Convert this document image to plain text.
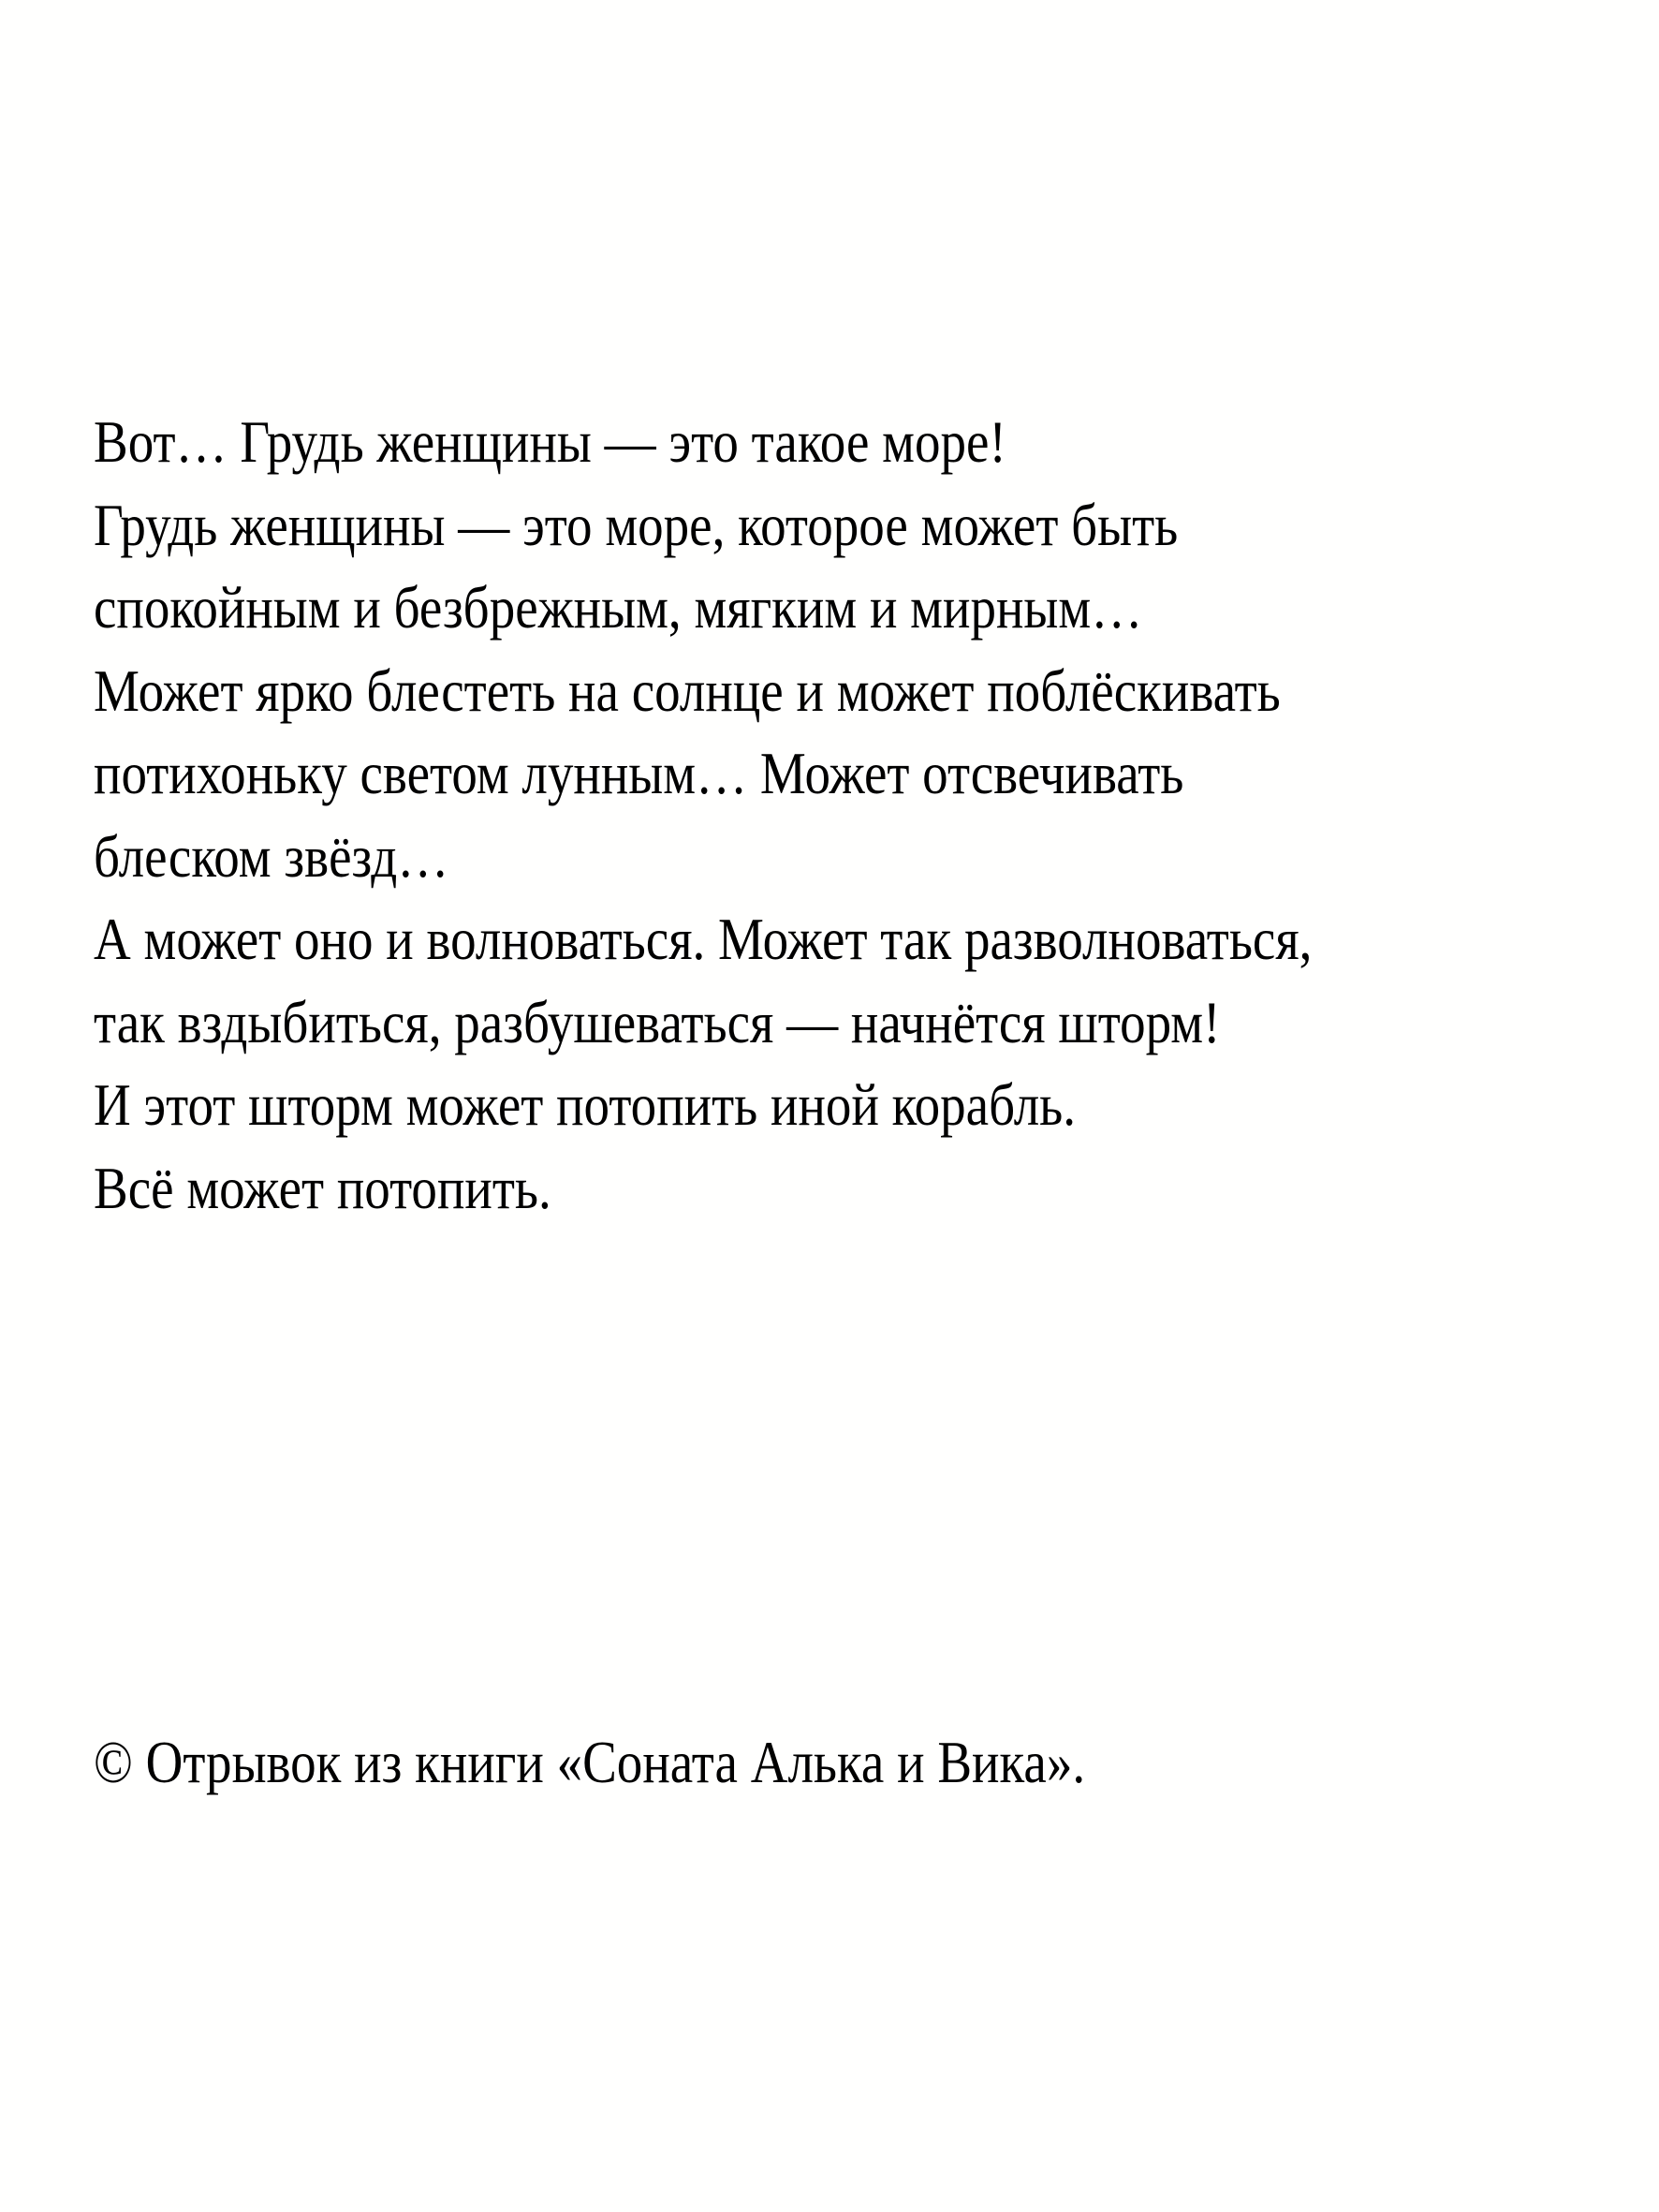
Вот… Грудь женщины — это такое море!
Грудь женщины — это море, которое может быть
спокойным и безбрежным, мягким и мирным…
Может ярко блестеть на солнце и может поблёскивать
потихоньку светом лунным… Может отсвечивать
блеском звёзд…
А может оно и волноваться. Может так разволноваться,
так вздыбиться, разбушеваться — начнётся шторм!
И этот шторм может потопить иной корабль.
Всё может потопить.

© Отрывок из книги «Соната Алька и Вика».
